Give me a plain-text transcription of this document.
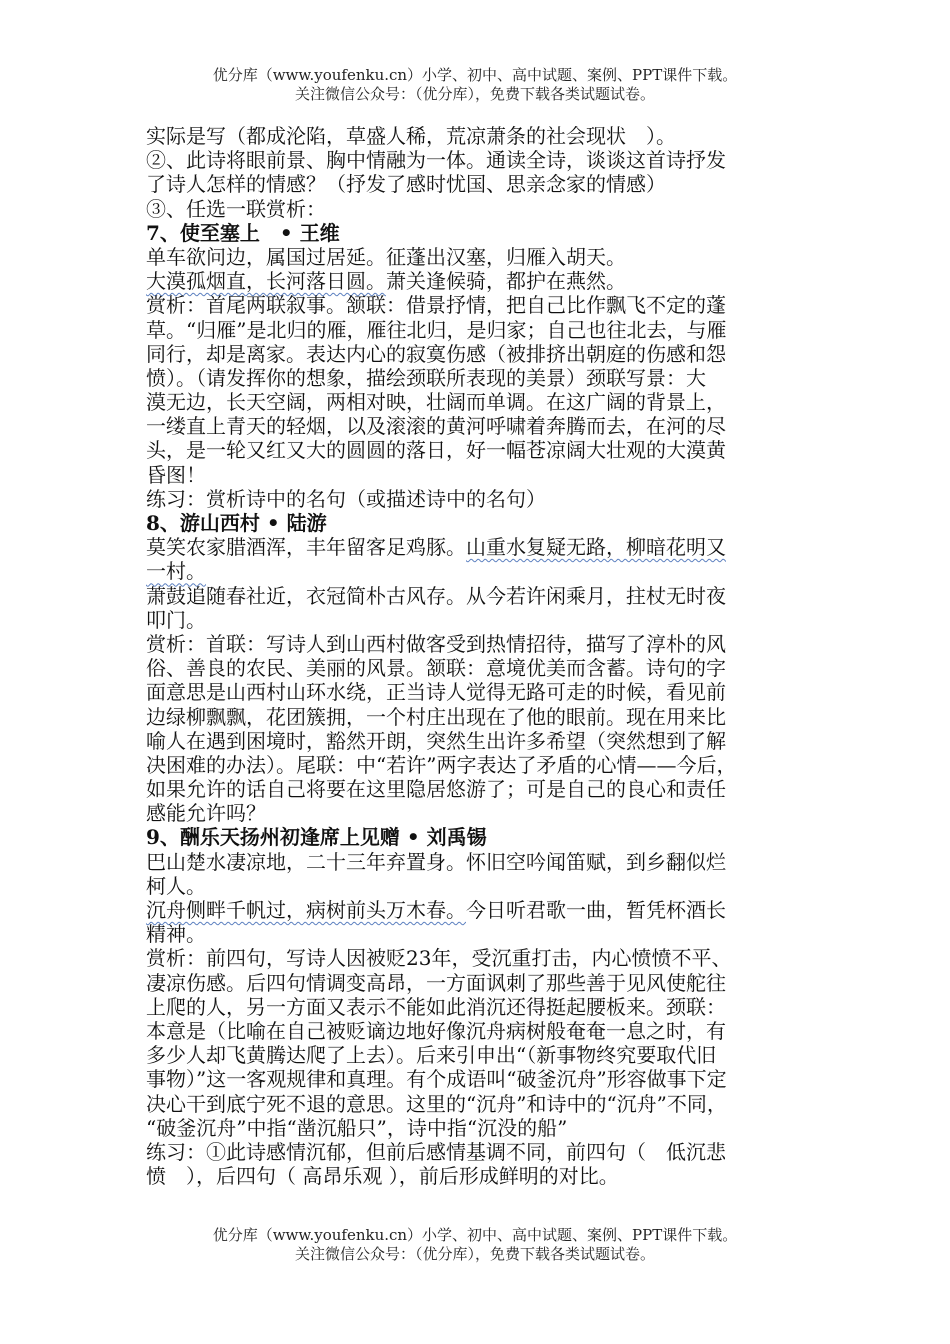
优分库（www.youfenku.cn）小学、初中、高中试题、案例、PPT课件下载。
关注微信公众号：（优分库），免费下载各类试题试卷。
实际是写（都成沦陷，草盛人稀，荒凉萧条的社会现状　）。
②、此诗将眼前景、胸中情融为一体。通读全诗，谈谈这首诗抒发
了诗人怎样的情感？（抒发了感时忧国、思亲念家的情感）
③、任选一联赏析：
7、使至塞上　• 王维
单车欲问边，属国过居延。征蓬出汉塞，归雁入胡天。
大漠孤烟直，长河落日圆。萧关逢候骑，都护在燕然。
赏析：首尾两联叙事。颔联：借景抒情，把自己比作飘飞不定的蓬
草。“归雁”是北归的雁，雁往北归，是归家；自己也往北去，与雁
同行，却是离家。表达内心的寂寞伤感（被排挤出朝庭的伤感和怨
愤）。（请发挥你的想象，描绘颈联所表现的美景）颈联写景：大
漠无边，长天空阔，两相对映，壮阔而单调。在这广阔的背景上，
一缕直上青天的轻烟，以及滚滚的黄河呼啸着奔腾而去，在河的尽
头，是一轮又红又大的圆圆的落日，好一幅苍凉阔大壮观的大漠黄
昏图！
练习：赏析诗中的名句（或描述诗中的名句）
8、游山西村 • 陆游
莫笑农家腊酒浑，丰年留客足鸡豚。山重水复疑无路，柳暗花明又
一村。
萧鼓追随春社近，衣冠简朴古风存。从今若许闲乘月，拄杖无时夜
叩门。
赏析：首联：写诗人到山西村做客受到热情招待，描写了淳朴的风
俗、善良的农民、美丽的风景。颔联：意境优美而含蓄。诗句的字
面意思是山西村山环水绕，正当诗人觉得无路可走的时候，看见前
边绿柳飘飘，花团簇拥，一个村庄出现在了他的眼前。现在用来比
喻人在遇到困境时，豁然开朗，突然生出许多希望（突然想到了解
决困难的办法）。尾联：中“若许”两字表达了矛盾的心情——今后，
如果允许的话自己将要在这里隐居悠游了；可是自己的良心和责任
感能允许吗？
9、酬乐天扬州初逢席上见赠 • 刘禹锡
巴山楚水凄凉地，二十三年弃置身。怀旧空吟闻笛赋，到乡翻似烂
柯人。
沉舟侧畔千帆过，病树前头万木春。今日听君歌一曲，暂凭杯酒长
精神。
赏析：前四句，写诗人因被贬23年，受沉重打击，内心愤愤不平、
凄凉伤感。后四句情调变高昂，一方面讽刺了那些善于见风使舵往
上爬的人，另一方面又表示不能如此消沉还得挺起腰板来。颈联：
本意是（比喻在自己被贬谪边地好像沉舟病树般奄奄一息之时，有
多少人却飞黄腾达爬了上去）。后来引申出“（新事物终究要取代旧
事物）”这一客观规律和真理。有个成语叫“破釜沉舟”形容做事下定
决心干到底宁死不退的意思。这里的“沉舟”和诗中的“沉舟”不同，
“破釜沉舟”中指“凿沉船只”，诗中指“沉没的船”
练习：①此诗感情沉郁，但前后感情基调不同，前四句（　低沉悲
愤　），后四句（ 高昂乐观 ），前后形成鲜明的对比。
优分库（www.youfenku.cn）小学、初中、高中试题、案例、PPT课件下载。
关注微信公众号：（优分库），免费下载各类试题试卷。
